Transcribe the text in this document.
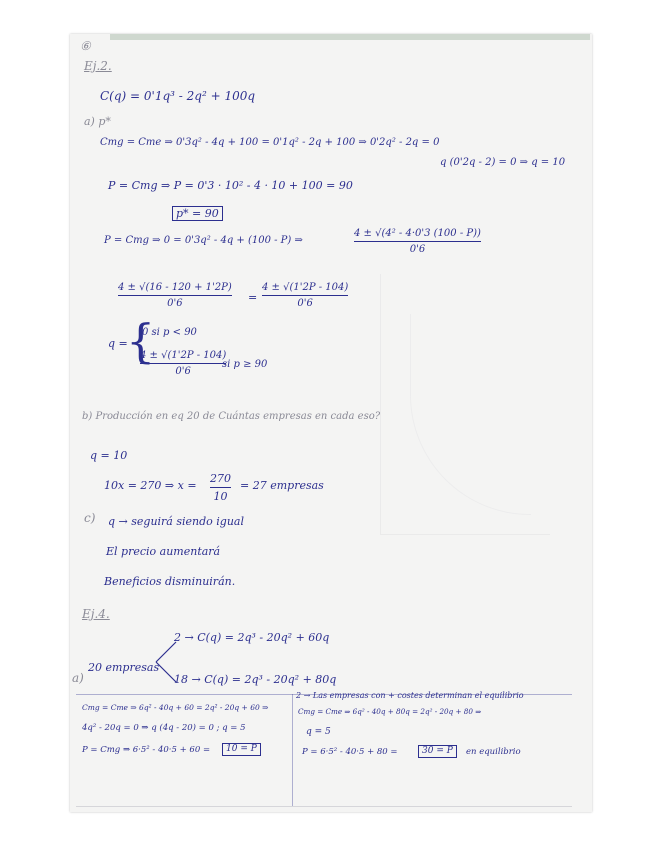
⑥
Ej.2.
C(q) = 0'1q³ - 2q² + 100q
a) p*
Cmg = Cme ⇒ 0'3q² - 4q + 100 = 0'1q² - 2q + 100 ⇒ 0'2q² - 2q = 0
q (0'2q - 2) = 0 ⇒ q = 10
P = Cmg ⇒ P = 0'3 · 10² - 4 · 10 + 100 = 90
p* = 90
P = Cmg ⇒ 0 = 0'3q² - 4q + (100 - P) ⇒
4 ± √(4² - 4·0'3 (100 - P))
0'6
4 ± √(16 - 120 + 1'2P)
0'6	=
4 ± √(1'2P - 104)
0'6
q =
{
0 si p < 90
4 ± √(1'2P - 104)
0'6
si p ≥ 90
b) Producción en eq 20 de Cuántas empresas en cada eso?
q = 10
10x = 270 ⇒ x =
270
10
= 27 empresas
c) q → seguirá siendo igual
El precio aumentará
Beneficios disminuirán.
Ej.4.
2 → C(q) = 2q³ - 20q² + 60q
20 empresas
18 → C(q) = 2q³ - 20q² + 80q
a)
Cmg = Cme ⇒ 6q² - 40q + 60 = 2q² - 20q + 60 ⇒
4q² - 20q = 0 ⇒ q (4q - 20) = 0 ; q = 5
P = Cmg ⇒ 6·5² - 40·5 + 60 =	10 = P
2 → Las empresas con + costes determinan el equilibrio
Cmg = Cme ⇒ 6q² - 40q + 80q = 2q² - 20q + 80 ⇒
q = 5
P = 6·5² - 40·5 + 80 =	30 = P	en equilibrio
